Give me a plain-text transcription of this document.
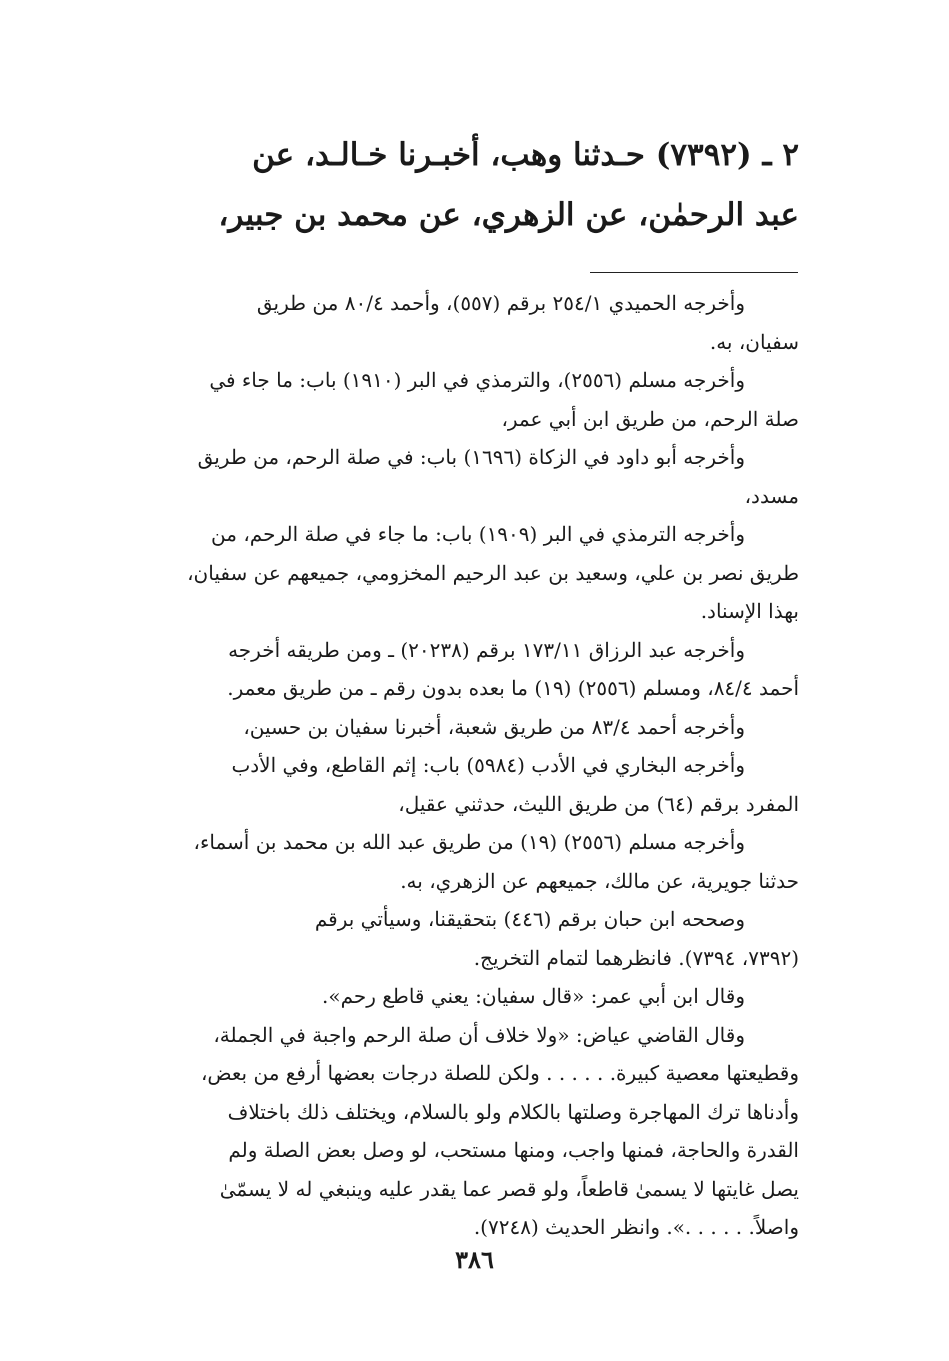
٢ ـ (٧٣٩٢) حـدثنا وهب، أخبـرنا خـالـد، عن
عبد الرحمٰن، عن الزهري، عن محمد بن جبير،
وأخرجه الحميدي ٢٥٤/١ برقم (٥٥٧)، وأحمد ٨٠/٤ من طريق
سفيان، به.
وأخرجه مسلم (٢٥٥٦)، والترمذي في البر (١٩١٠) باب: ما جاء في
صلة الرحم، من طريق ابن أبي عمر،
وأخرجه أبو داود في الزكاة (١٦٩٦) باب: في صلة الرحم، من طريق
مسدد،
وأخرجه الترمذي في البر (١٩٠٩) باب: ما جاء في صلة الرحم، من
طريق نصر بن علي، وسعيد بن عبد الرحيم المخزومي، جميعهم عن سفيان،
بهذا الإسناد.
وأخرجه عبد الرزاق ١٧٣/١١ برقم (٢٠٢٣٨) ـ ومن طريقه أخرجه
أحمد ٨٤/٤، ومسلم (٢٥٥٦) (١٩) ما بعده بدون رقم ـ من طريق معمر.
وأخرجه أحمد ٨٣/٤ من طريق شعبة، أخبرنا سفيان بن حسين،
وأخرجه البخاري في الأدب (٥٩٨٤) باب: إثم القاطع، وفي الأدب
المفرد برقم (٦٤) من طريق الليث، حدثني عقيل،
وأخرجه مسلم (٢٥٥٦) (١٩) من طريق عبد الله بن محمد بن أسماء،
حدثنا جويرية، عن مالك، جميعهم عن الزهري، به.
وصححه ابن حبان برقم (٤٤٦) بتحقيقنا، وسيأتي برقم
(٧٣٩٢، ٧٣٩٤). فانظرهما لتمام التخريج.
وقال ابن أبي عمر: «قال سفيان: يعني قاطع رحم».
وقال القاضي عياض: «ولا خلاف أن صلة الرحم واجبة في الجملة،
وقطيعتها معصية كبيرة. . . . . . ولكن للصلة درجات بعضها أرفع من بعض،
وأدناها ترك المهاجرة وصلتها بالكلام ولو بالسلام، ويختلف ذلك باختلاف
القدرة والحاجة، فمنها واجب، ومنها مستحب، لو وصل بعض الصلة ولم
يصل غايتها لا يسمىٰ قاطعاً، ولو قصر عما يقدر عليه وينبغي له لا يسمّىٰ
واصلاً. . . . . .». وانظر الحديث (٧٢٤٨).
٣٨٦
